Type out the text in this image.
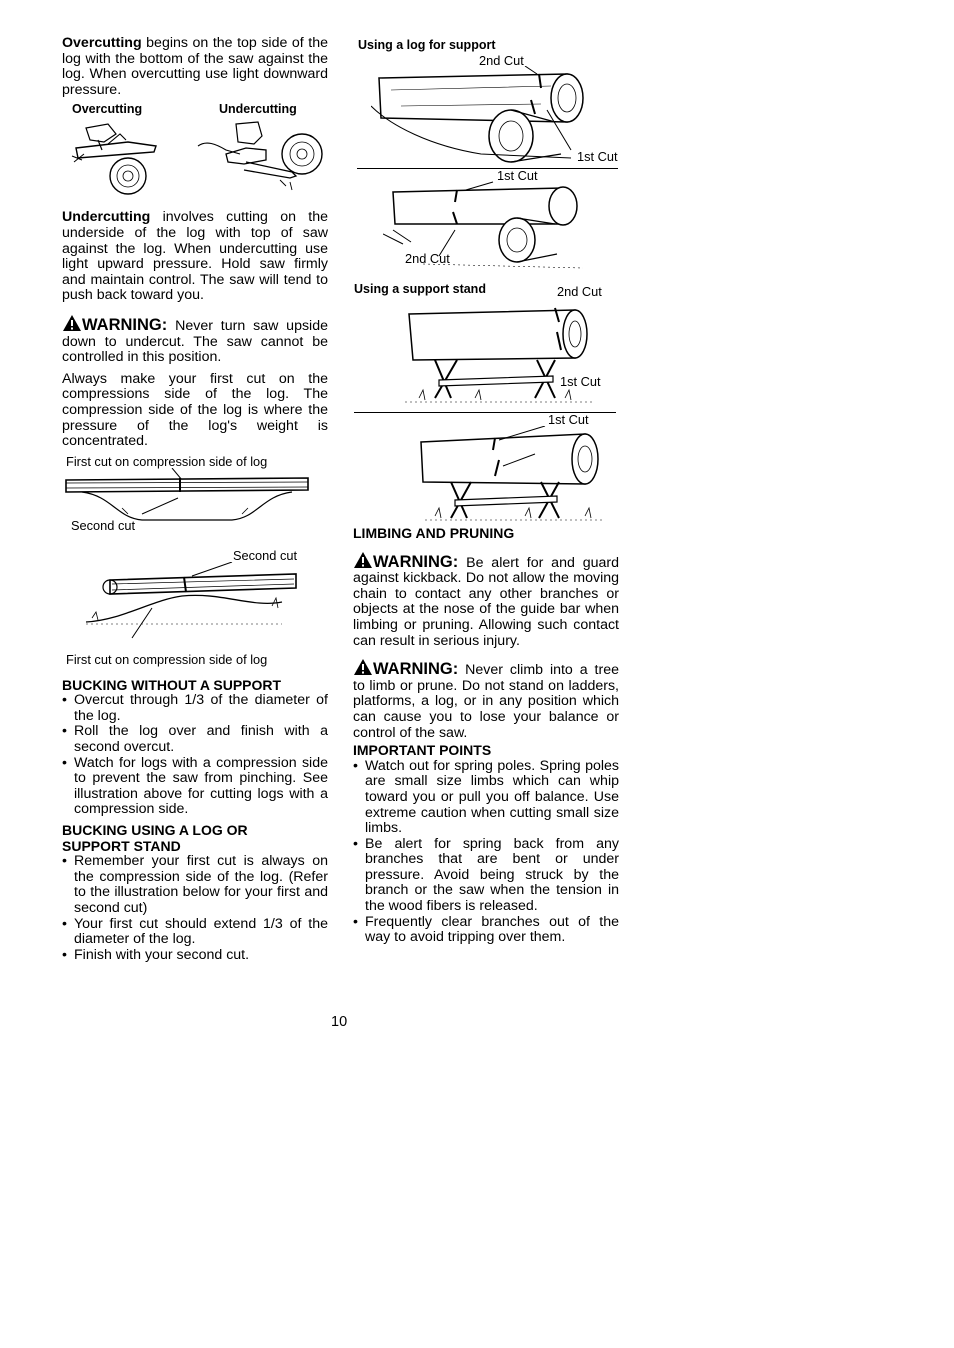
Overcutting begins on the top side of the log with the bottom of the saw against the log. When overcutting use light downward pressure.

Overcutting	Undercutting

Undercutting involves cutting on the underside of the log with top of saw against the log. When undercutting use light upward pressure. Hold saw firmly and maintain control. The saw will tend to push back toward you.

WARNING: Never turn saw upside down to undercut. The saw cannot be controlled in this position.

Always make your first cut on the compressions side of the log. The compression side of the log is where the pressure of the log's weight is concentrated.

First cut on compression side of log
Second cut
Second cut
First cut on compression side of log

BUCKING WITHOUT A SUPPORT

• Overcut through 1/3 of the diameter of the log.
• Roll the log over and finish with a second overcut.
• Watch for logs with a compression side to prevent the saw from pinching. See illustration above for cutting logs with a compression side.

BUCKING USING A LOG OR
SUPPORT STAND

• Remember your first cut is always on the compression side of the log. (Refer to the illustration below for your first and second cut)
• Your first cut should extend 1/3 of the diameter of the log.
• Finish with your second cut.
Using a log for support
2nd Cut
1st Cut
1st Cut
2nd Cut
Using a support stand	2nd Cut
1st Cut
1st Cut

LIMBING AND PRUNING

WARNING: Be alert for and guard against kickback. Do not allow the moving chain to contact any other branches or objects at the nose of the guide bar when limbing or pruning. Allowing such contact can result in serious injury.

WARNING: Never climb into a tree to limb or prune. Do not stand on ladders, platforms, a log, or in any position which can cause you to lose your balance or control of the saw.

IMPORTANT POINTS

• Watch out for spring poles. Spring poles are small size limbs which can whip toward you or pull you off balance. Use extreme caution when cutting small size limbs.
• Be alert for spring back from any branches that are bent or under pressure. Avoid being struck by the branch or the saw when the tension in the wood fibers is released.
• Frequently clear branches out of the way to avoid tripping over them.
10
